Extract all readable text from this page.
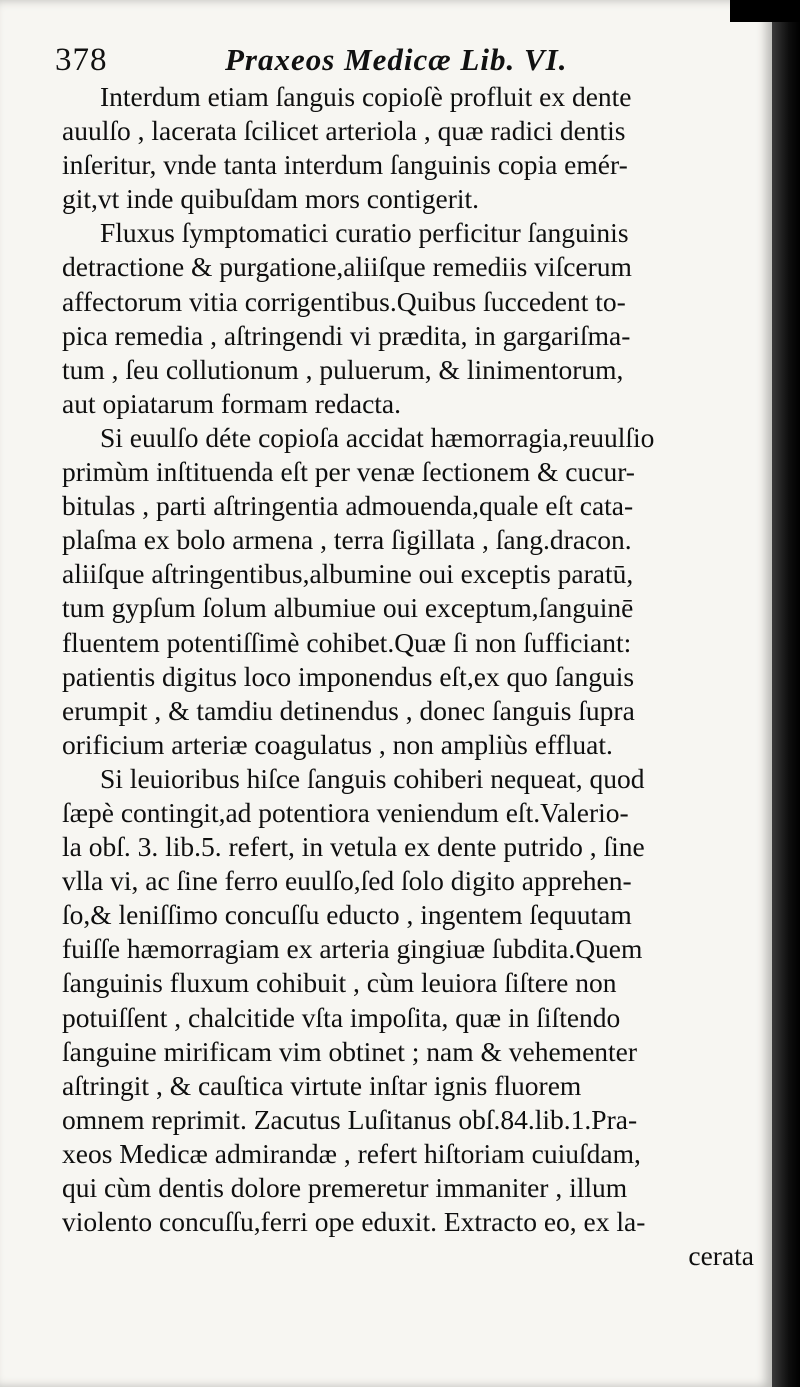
378	Praxeos Medicæ Lib. VI.
Interdum etiam ſanguis copioſè profluit ex dente
auulſo , lacerata ſcilicet arteriola , quæ radici dentis
inſeritur, vnde tanta interdum ſanguinis copia emér-
git,vt inde quibuſdam mors contigerit.
Fluxus ſymptomatici curatio perficitur ſanguinis
detractione & purgatione,aliiſque remediis viſcerum
affectorum vitia corrigentibus.Quibus ſuccedent to-
pica remedia , aſtringendi vi prædita, in gargariſma-
tum , ſeu collutionum , puluerum, & linimentorum,
aut opiatarum formam redacta.
Si euulſo déte copioſa accidat hæmorragia,reuulſio
primùm inſtituenda eſt per venæ ſectionem & cucur-
bitulas , parti aſtringentia admouenda,quale eſt cata-
plaſma ex bolo armena , terra ſigillata , ſang.dracon.
aliiſque aſtringentibus,albumine oui exceptis paratū,
tum gypſum ſolum albumiue oui exceptum,ſanguinē
fluentem potentiſſimè cohibet.Quæ ſi non ſufficiant:
patientis digitus loco imponendus eſt,ex quo ſanguis
erumpit , & tamdiu detinendus , donec ſanguis ſupra
orificium arteriæ coagulatus , non ampliùs effluat.
Si leuioribus hiſce ſanguis cohiberi nequeat, quod
ſæpè contingit,ad potentiora veniendum eſt.Valerio-
la obſ. 3. lib.5. refert, in vetula ex dente putrido , ſine
vlla vi, ac ſine ferro euulſo,ſed ſolo digito apprehen-
ſo,& leniſſimo concuſſu educto , ingentem ſequutam
fuiſſe hæmorragiam ex arteria gingiuæ ſubdita.Quem
ſanguinis fluxum cohibuit , cùm leuiora ſiſtere non
potuiſſent , chalcitide vſta impoſita, quæ in ſiſtendo
ſanguine mirificam vim obtinet ; nam & vehementer
aſtringit , & cauſtica virtute inſtar ignis fluorem
omnem reprimit. Zacutus Luſitanus obſ.84.lib.1.Pra-
xeos Medicæ admirandæ , refert hiſtoriam cuiuſdam,
qui cùm dentis dolore premeretur immaniter , illum
violento concuſſu,ferri ope eduxit. Extracto eo, ex la-
cerata
